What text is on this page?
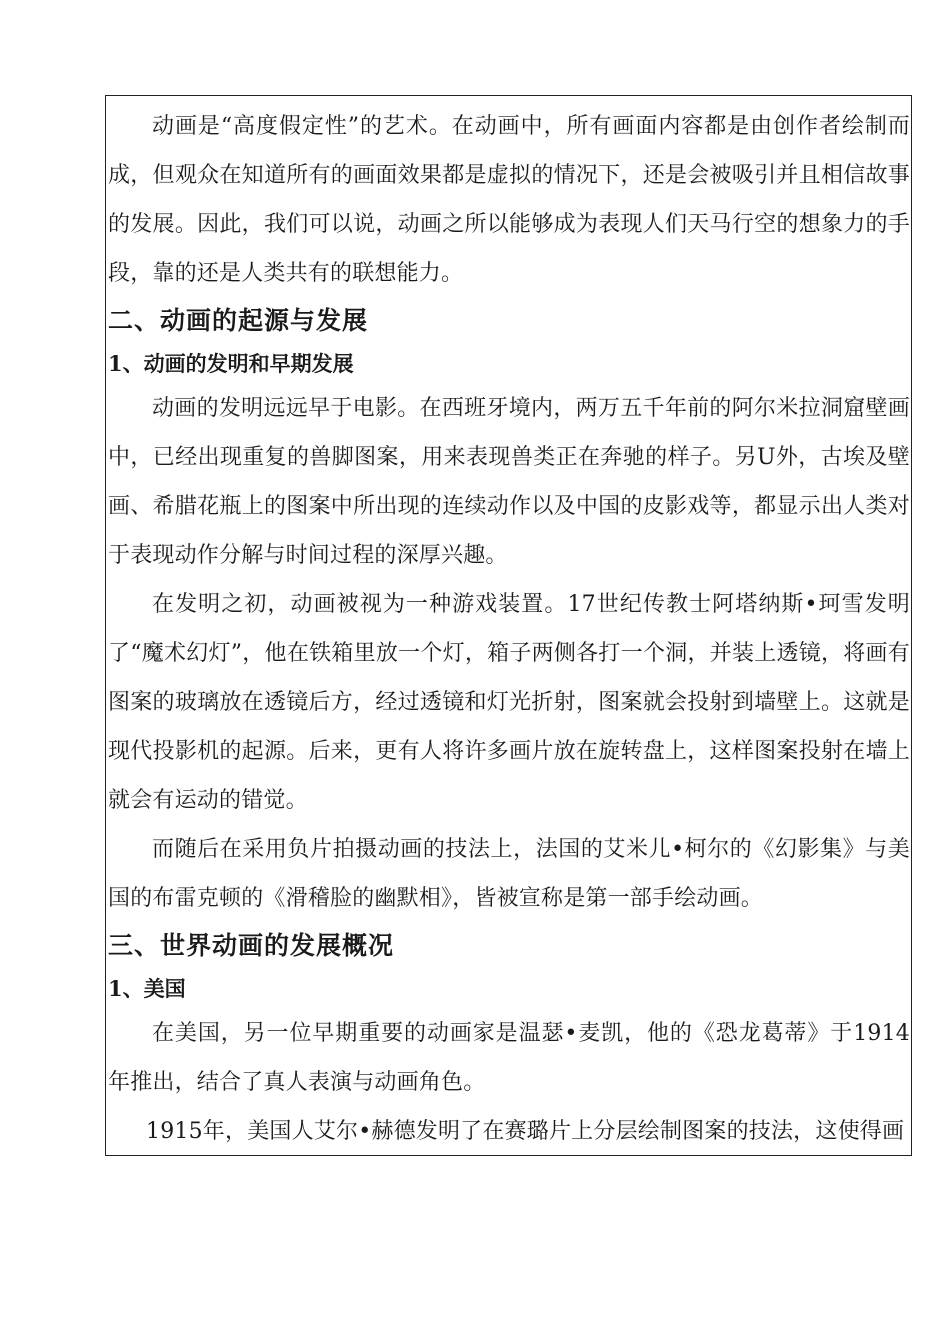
动画是“高度假定性”的艺术。在动画中，所有画面内容都是由创作者绘制而成，但观众在知道所有的画面效果都是虚拟的情况下，还是会被吸引并且相信故事的发展。因此，我们可以说，动画之所以能够成为表现人们天马行空的想象力的手段，靠的还是人类共有的联想能力。

二、动画的起源与发展
1、动画的发明和早期发展

动画的发明远远早于电影。在西班牙境内，两万五千年前的阿尔米拉洞窟壁画中，已经出现重复的兽脚图案，用来表现兽类正在奔驰的样子。另U外，古埃及壁画、希腊花瓶上的图案中所出现的连续动作以及中国的皮影戏等，都显示出人类对于表现动作分解与时间过程的深厚兴趣。

在发明之初，动画被视为一种游戏装置。17世纪传教士阿塔纳斯•珂雪发明了“魔术幻灯”，他在铁箱里放一个灯，箱子两侧各打一个洞，并装上透镜，将画有图案的玻璃放在透镜后方，经过透镜和灯光折射，图案就会投射到墙壁上。这就是现代投影机的起源。后来，更有人将许多画片放在旋转盘上，这样图案投射在墙上就会有运动的错觉。

而随后在采用负片拍摄动画的技法上，法国的艾米儿•柯尔的《幻影集》与美国的布雷克顿的《滑稽脸的幽默相》，皆被宣称是第一部手绘动画。

三、世界动画的发展概况
1、美国

在美国，另一位早期重要的动画家是温瑟•麦凯，他的《恐龙葛蒂》于1914年推出，结合了真人表演与动画角色。

1915年，美国人艾尔•赫德发明了在赛璐片上分层绘制图案的技法，这使得画
